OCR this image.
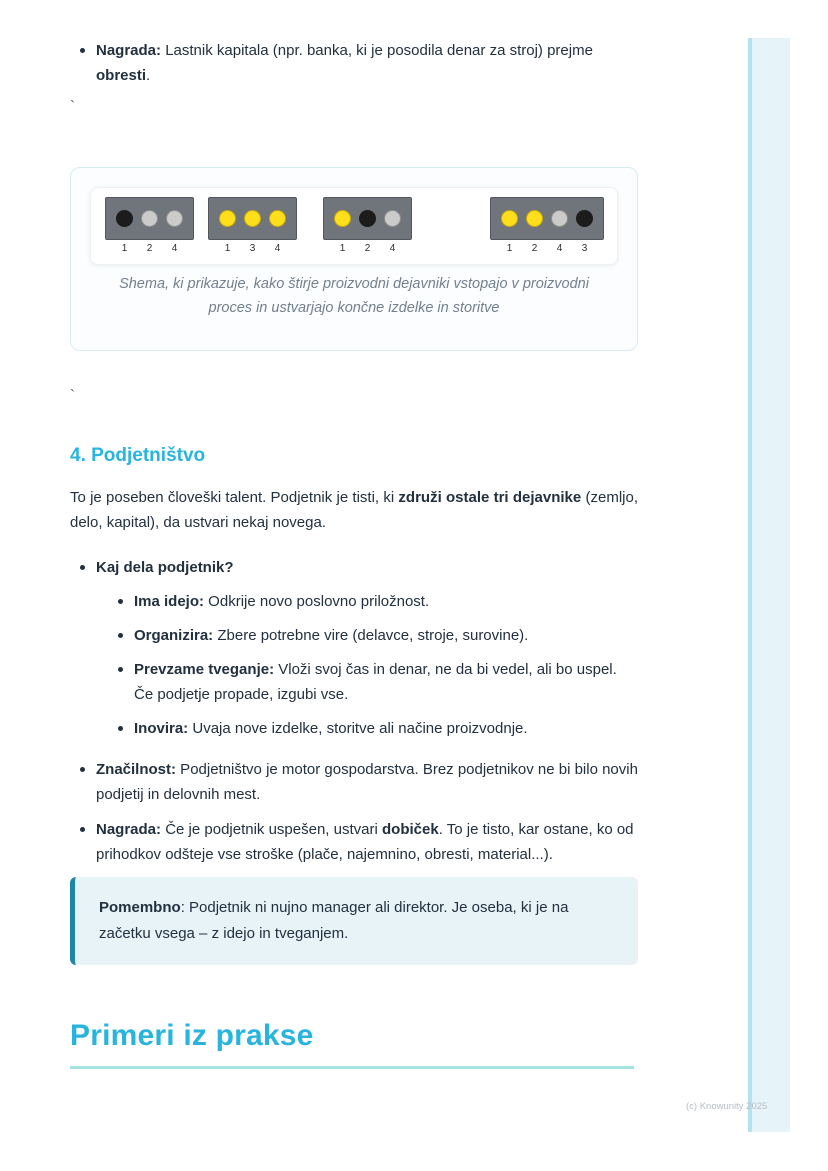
Nagrada: Lastnik kapitala (npr. banka, ki je posodila denar za stroj) prejme obresti.
`
1	2	4	1	3	4	1	2	4	1	2	4	3
Shema, ki prikazuje, kako štirje proizvodni dejavniki vstopajo v proizvodni proces in ustvarjajo končne izdelke in storitve
`
4. Podjetništvo

To je poseben človeški talent. Podjetnik je tisti, ki združi ostale tri dejavnike (zemljo, delo, kapital), da ustvari nekaj novega.

Kaj dela podjetnik?
Ima idejo: Odkrije novo poslovno priložnost.
Organizira: Zbere potrebne vire (delavce, stroje, surovine).
Prevzame tveganje: Vloži svoj čas in denar, ne da bi vedel, ali bo uspel. Če podjetje propade, izgubi vse.
Inovira: Uvaja nove izdelke, storitve ali načine proizvodnje.
Značilnost: Podjetništvo je motor gospodarstva. Brez podjetnikov ne bi bilo novih podjetij in delovnih mest.
Nagrada: Če je podjetnik uspešen, ustvari dobiček. To je tisto, kar ostane, ko od prihodkov odšteje vse stroške (plače, najemnino, obresti, material...).

Pomembno: Podjetnik ni nujno manager ali direktor. Je oseba, ki je na začetku vsega – z idejo in tveganjem.

Primeri iz prakse
(c) Knowunity 2025
